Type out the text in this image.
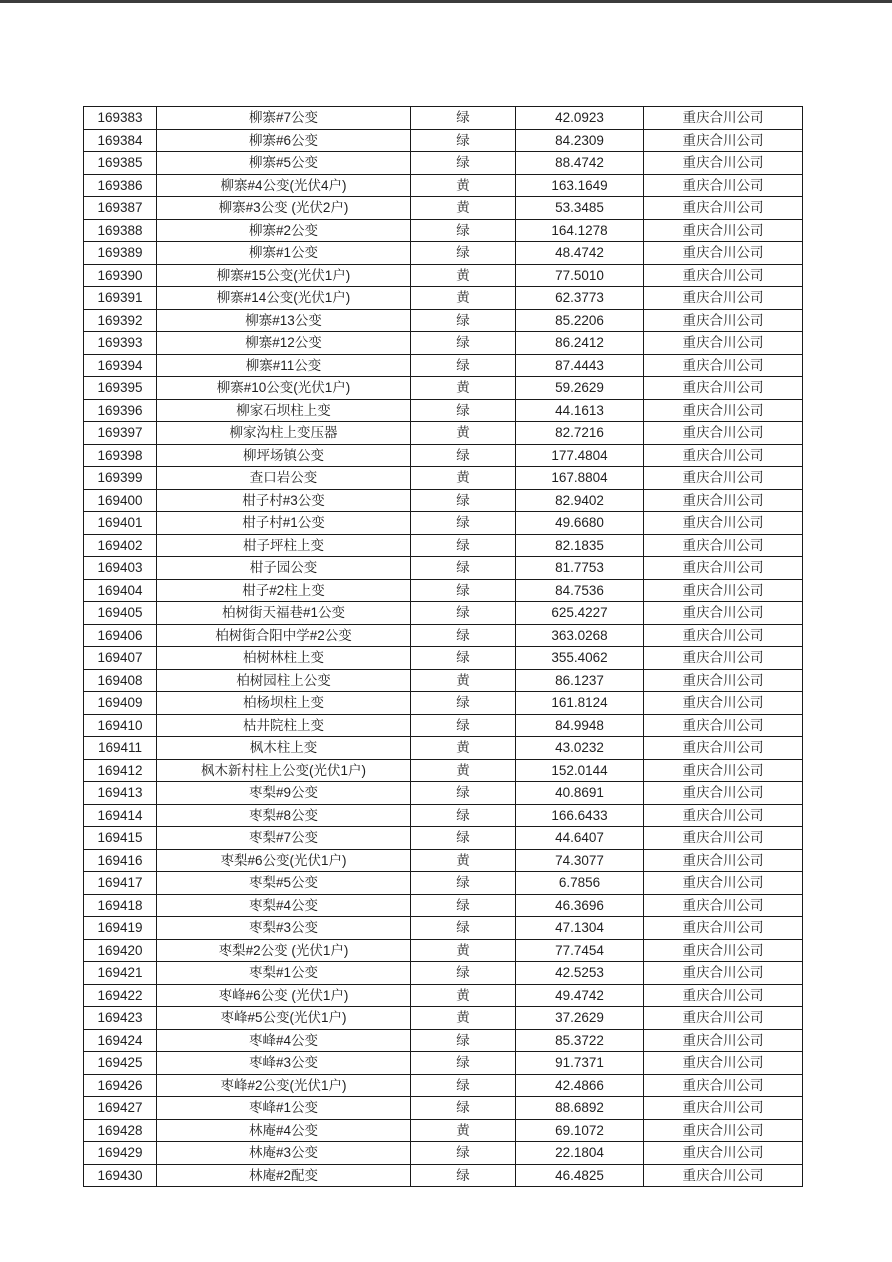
169383	柳寨#7公变	绿	42.0923	重庆合川公司
169384	柳寨#6公变	绿	84.2309	重庆合川公司
169385	柳寨#5公变	绿	88.4742	重庆合川公司
169386	柳寨#4公变(光伏4户)	黄	163.1649	重庆合川公司
169387	柳寨#3公变 (光伏2户)	黄	53.3485	重庆合川公司
169388	柳寨#2公变	绿	164.1278	重庆合川公司
169389	柳寨#1公变	绿	48.4742	重庆合川公司
169390	柳寨#15公变(光伏1户)	黄	77.5010	重庆合川公司
169391	柳寨#14公变(光伏1户)	黄	62.3773	重庆合川公司
169392	柳寨#13公变	绿	85.2206	重庆合川公司
169393	柳寨#12公变	绿	86.2412	重庆合川公司
169394	柳寨#11公变	绿	87.4443	重庆合川公司
169395	柳寨#10公变(光伏1户)	黄	59.2629	重庆合川公司
169396	柳家石坝柱上变	绿	44.1613	重庆合川公司
169397	柳家沟柱上变压器	黄	82.7216	重庆合川公司
169398	柳坪场镇公变	绿	177.4804	重庆合川公司
169399	查口岩公变	黄	167.8804	重庆合川公司
169400	柑子村#3公变	绿	82.9402	重庆合川公司
169401	柑子村#1公变	绿	49.6680	重庆合川公司
169402	柑子坪柱上变	绿	82.1835	重庆合川公司
169403	柑子园公变	绿	81.7753	重庆合川公司
169404	柑子#2柱上变	绿	84.7536	重庆合川公司
169405	柏树街天福巷#1公变	绿	625.4227	重庆合川公司
169406	柏树街合阳中学#2公变	绿	363.0268	重庆合川公司
169407	柏树林柱上变	绿	355.4062	重庆合川公司
169408	柏树园柱上公变	黄	86.1237	重庆合川公司
169409	柏杨坝柱上变	绿	161.8124	重庆合川公司
169410	枯井院柱上变	绿	84.9948	重庆合川公司
169411	枫木柱上变	黄	43.0232	重庆合川公司
169412	枫木新村柱上公变(光伏1户)	黄	152.0144	重庆合川公司
169413	枣梨#9公变	绿	40.8691	重庆合川公司
169414	枣梨#8公变	绿	166.6433	重庆合川公司
169415	枣梨#7公变	绿	44.6407	重庆合川公司
169416	枣梨#6公变(光伏1户)	黄	74.3077	重庆合川公司
169417	枣梨#5公变	绿	6.7856	重庆合川公司
169418	枣梨#4公变	绿	46.3696	重庆合川公司
169419	枣梨#3公变	绿	47.1304	重庆合川公司
169420	枣梨#2公变 (光伏1户)	黄	77.7454	重庆合川公司
169421	枣梨#1公变	绿	42.5253	重庆合川公司
169422	枣峰#6公变 (光伏1户)	黄	49.4742	重庆合川公司
169423	枣峰#5公变(光伏1户)	黄	37.2629	重庆合川公司
169424	枣峰#4公变	绿	85.3722	重庆合川公司
169425	枣峰#3公变	绿	91.7371	重庆合川公司
169426	枣峰#2公变(光伏1户)	绿	42.4866	重庆合川公司
169427	枣峰#1公变	绿	88.6892	重庆合川公司
169428	林庵#4公变	黄	69.1072	重庆合川公司
169429	林庵#3公变	绿	22.1804	重庆合川公司
169430	林庵#2配变	绿	46.4825	重庆合川公司
